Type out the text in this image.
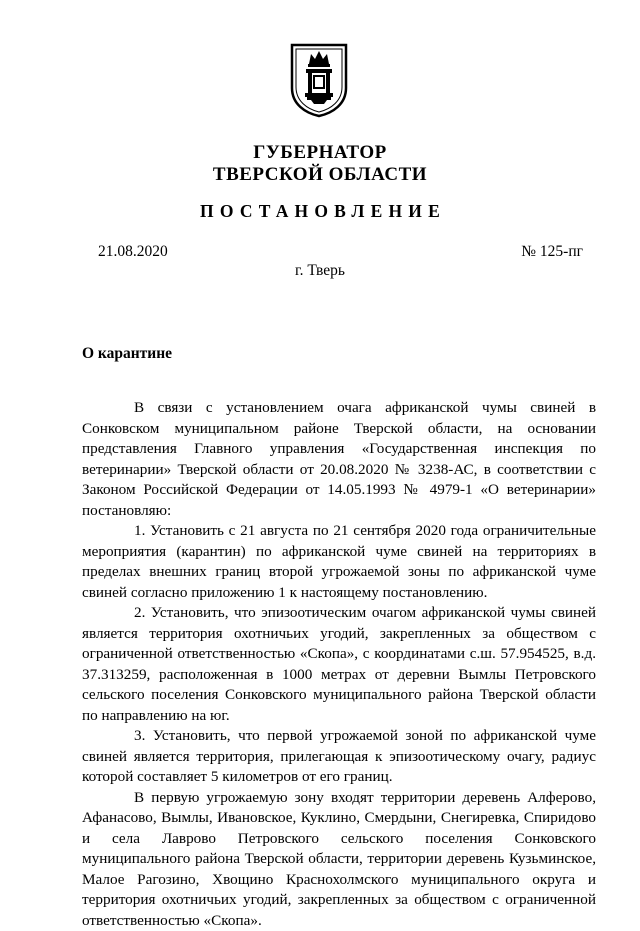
ГУБЕРНАТОР
ТВЕРСКОЙ ОБЛАСТИ
ПОСТАНОВЛЕНИЕ
21.08.2020	№ 125-пг
г. Тверь
О карантине

В связи с установлением очага африканской чумы свиней в Сонковском муниципальном районе Тверской области, на основании представления Главного управления «Государственная инспекция по ветеринарии» Тверской области от 20.08.2020 № 3238-АС, в соответствии с Законом Российской Федерации от 14.05.1993 № 4979-1 «О ветеринарии» постановляю:

1. Установить с 21 августа по 21 сентября 2020 года ограничительные мероприятия (карантин) по африканской чуме свиней на территориях в пределах внешних границ второй угрожаемой зоны по африканской чуме свиней согласно приложению 1 к настоящему постановлению.

2. Установить, что эпизоотическим очагом африканской чумы свиней является территория охотничьих угодий, закрепленных за обществом с ограниченной ответственностью «Скопа», с координатами с.ш. 57.954525, в.д. 37.313259, расположенная в 1000 метрах от деревни Вымлы Петровского сельского поселения Сонковского муниципального района Тверской области по направлению на юг.

3. Установить, что первой угрожаемой зоной по африканской чуме свиней является территория, прилегающая к эпизоотическому очагу, радиус которой составляет 5 километров от его границ.

В первую угрожаемую зону входят территории деревень Алферово, Афанасово, Вымлы, Ивановское, Куклино, Смердыни, Снегиревка, Спиридово и села Лаврово Петровского сельского поселения Сонковского муниципального района Тверской области, территории деревень Кузьминское, Малое Рагозино, Хвощино Краснохолмского муниципального округа и территория охотничьих угодий, закрепленных за обществом с ограниченной ответственностью «Скопа».
